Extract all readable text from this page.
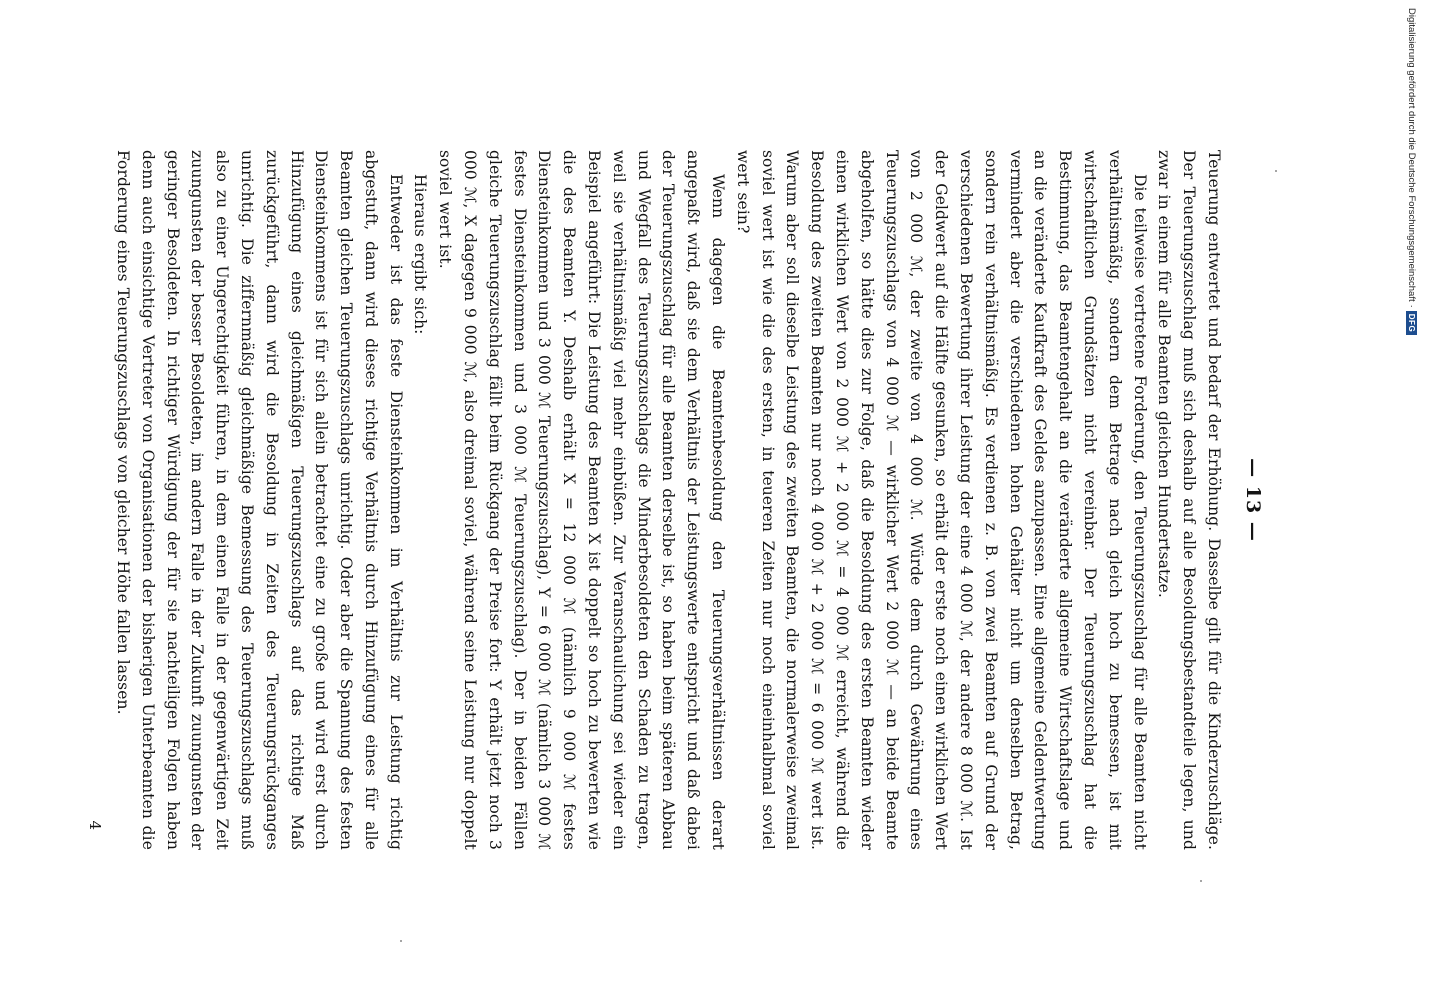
— 13 —

Teuerung entwertet und bedarf der Erhöhung. Dasselbe gilt für die Kinderzuschläge. Der Teuerungszuschlag muß sich deshalb auf alle Besoldungsbestandteile legen, und zwar in einem für alle Beamten gleichen Hundertsatze.

Die teilweise vertretene Forderung, den Teuerungszuschlag für alle Beamten nicht verhältnismäßig, sondern dem Betrage nach gleich hoch zu bemessen, ist mit wirtschaftlichen Grundsätzen nicht vereinbar. Der Teuerungszuschlag hat die Bestimmung, das Beamtengehalt an die veränderte allgemeine Wirtschaftslage und an die veränderte Kaufkraft des Geldes anzupassen. Eine allgemeine Geldentwertung vermindert aber die verschiedenen hohen Gehälter nicht um denselben Betrag, sondern rein verhältnismäßig. Es verdienen z. B. von zwei Beamten auf Grund der verschiedenen Bewertung ihrer Leistung der eine 4 000 ℳ, der andere 8 000 ℳ. Ist der Geldwert auf die Hälfte gesunken, so erhält der erste noch einen wirklichen Wert von 2 000 ℳ, der zweite von 4 000 ℳ. Würde dem durch Gewährung eines Teuerungszuschlags von 4 000 ℳ — wirklicher Wert 2 000 ℳ — an beide Beamte abgeholfen, so hätte dies zur Folge, daß die Besoldung des ersten Beamten wieder einen wirklichen Wert von 2 000 ℳ + 2 000 ℳ = 4 000 ℳ erreicht, während die Besoldung des zweiten Beamten nur noch 4 000 ℳ + 2 000 ℳ = 6 000 ℳ wert ist. Warum aber soll dieselbe Leistung des zweiten Beamten, die normalerweise zweimal soviel wert ist wie die des ersten, in teueren Zeiten nur noch eineinhalbmal soviel wert sein?

Wenn dagegen die Beamtenbesoldung den Teuerungsverhältnissen derart angepaßt wird, daß sie dem Verhältnis der Leistungswerte entspricht und daß dabei der Teuerungszuschlag für alle Beamten derselbe ist, so haben beim späteren Abbau und Wegfall des Teuerungszuschlags die Minderbesoldeten den Schaden zu tragen, weil sie verhältnismäßig viel mehr einbüßen. Zur Veranschaulichung sei wieder ein Beispiel angeführt: Die Leistung des Beamten X ist doppelt so hoch zu bewerten wie die des Beamten Y. Deshalb erhält X = 12 000 ℳ (nämlich 9 000 ℳ festes Diensteinkommen und 3 000 ℳ Teuerungszuschlag), Y = 6 000 ℳ (nämlich 3 000 ℳ festes Diensteinkommen und 3 000 ℳ Teuerungszuschlag). Der in beiden Fällen gleiche Teuerungszuschlag fällt beim Rückgang der Preise fort: Y erhält jetzt noch 3 000 ℳ, X dagegen 9 000 ℳ, also dreimal soviel, während seine Leistung nur doppelt soviel wert ist.

Hieraus ergibt sich:

Entweder ist das feste Diensteinkommen im Verhältnis zur Leistung richtig abgestuft, dann wird dieses richtige Verhältnis durch Hinzufügung eines für alle Beamten gleichen Teuerungszuschlags unrichtig. Oder aber die Spannung des festen Diensteinkommens ist für sich allein betrachtet eine zu große und wird erst durch Hinzufügung eines gleichmäßigen Teuerungszuschlags auf das richtige Maß zurückgeführt, dann wird die Besoldung in Zeiten des Teuerungsrückganges unrichtig. Die ziffernmäßig gleichmäßige Bemessung des Teuerungszuschlags muß also zu einer Ungerechtigkeit führen, in dem einen Falle in der gegenwärtigen Zeit zuungunsten der besser Besoldeten, im andern Falle in der Zukunft zuungunsten der geringer Besoldeten. In richtiger Würdigung der für sie nachteiligen Folgen haben denn auch einsichtige Vertreter von Organisationen der bisherigen Unterbeamten die Forderung eines Teuerungszuschlags von gleicher Höhe fallen lassen.

4
Digitalisierung gefördert durch die Deutsche Forschungsgemeinschaft
·
DFG
